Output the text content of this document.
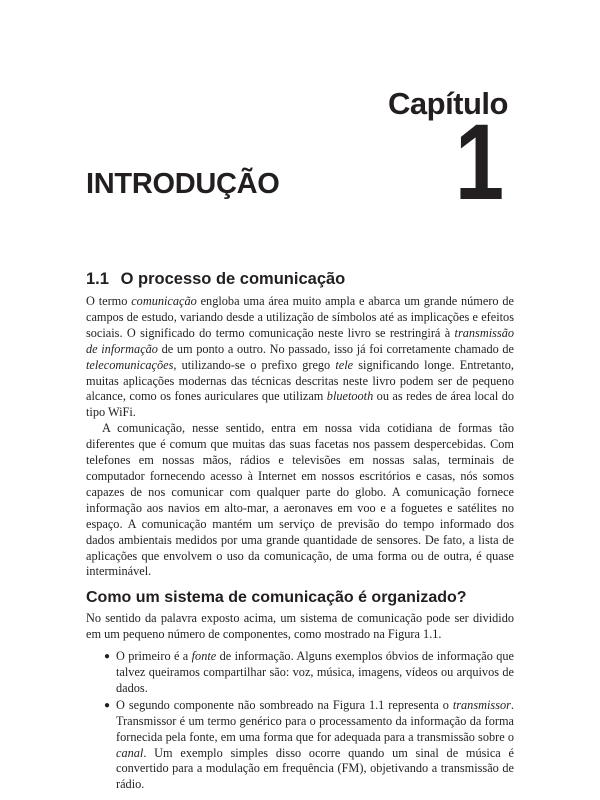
Capítulo
1
INTRODUÇÃO
1.1 O processo de comunicação

O termo comunicação engloba uma área muito ampla e abarca um grande número de campos de estudo, variando desde a utilização de símbolos até as implicações e efeitos sociais. O significado do termo comunicação neste livro se restringirá à transmissão de informação de um ponto a outro. No passado, isso já foi corretamente chamado de telecomunicações, utilizando-se o prefixo grego tele significando longe. Entretanto, muitas aplicações modernas das técnicas descritas neste livro podem ser de pequeno alcance, como os fones auriculares que utilizam bluetooth ou as redes de área local do tipo WiFi.

A comunicação, nesse sentido, entra em nossa vida cotidiana de formas tão diferentes que é comum que muitas das suas facetas nos passem despercebidas. Com telefones em nossas mãos, rádios e televisões em nossas salas, terminais de computador fornecendo acesso à Internet em nossos escritórios e casas, nós somos capazes de nos comunicar com qualquer parte do globo. A comunicação fornece informação aos navios em alto-mar, a aeronaves em voo e a foguetes e satélites no espaço. A comunicação mantém um serviço de previsão do tempo informado dos dados ambientais medidos por uma grande quantidade de sensores. De fato, a lista de aplicações que envolvem o uso da comunicação, de uma forma ou de outra, é quase interminável.

Como um sistema de comunicação é organizado?

No sentido da palavra exposto acima, um sistema de comunicação pode ser dividido em um pequeno número de componentes, como mostrado na Figura 1.1.

● O primeiro é a fonte de informação. Alguns exemplos óbvios de informação que talvez queiramos compartilhar são: voz, música, imagens, vídeos ou arquivos de dados.
● O segundo componente não sombreado na Figura 1.1 representa o transmissor. Transmissor é um termo genérico para o processamento da informação da forma fornecida pela fonte, em uma forma que for adequada para a transmissão sobre o canal. Um exemplo simples disso ocorre quando um sinal de música é convertido para a modulação em frequência (FM), objetivando a transmissão de rádio.
